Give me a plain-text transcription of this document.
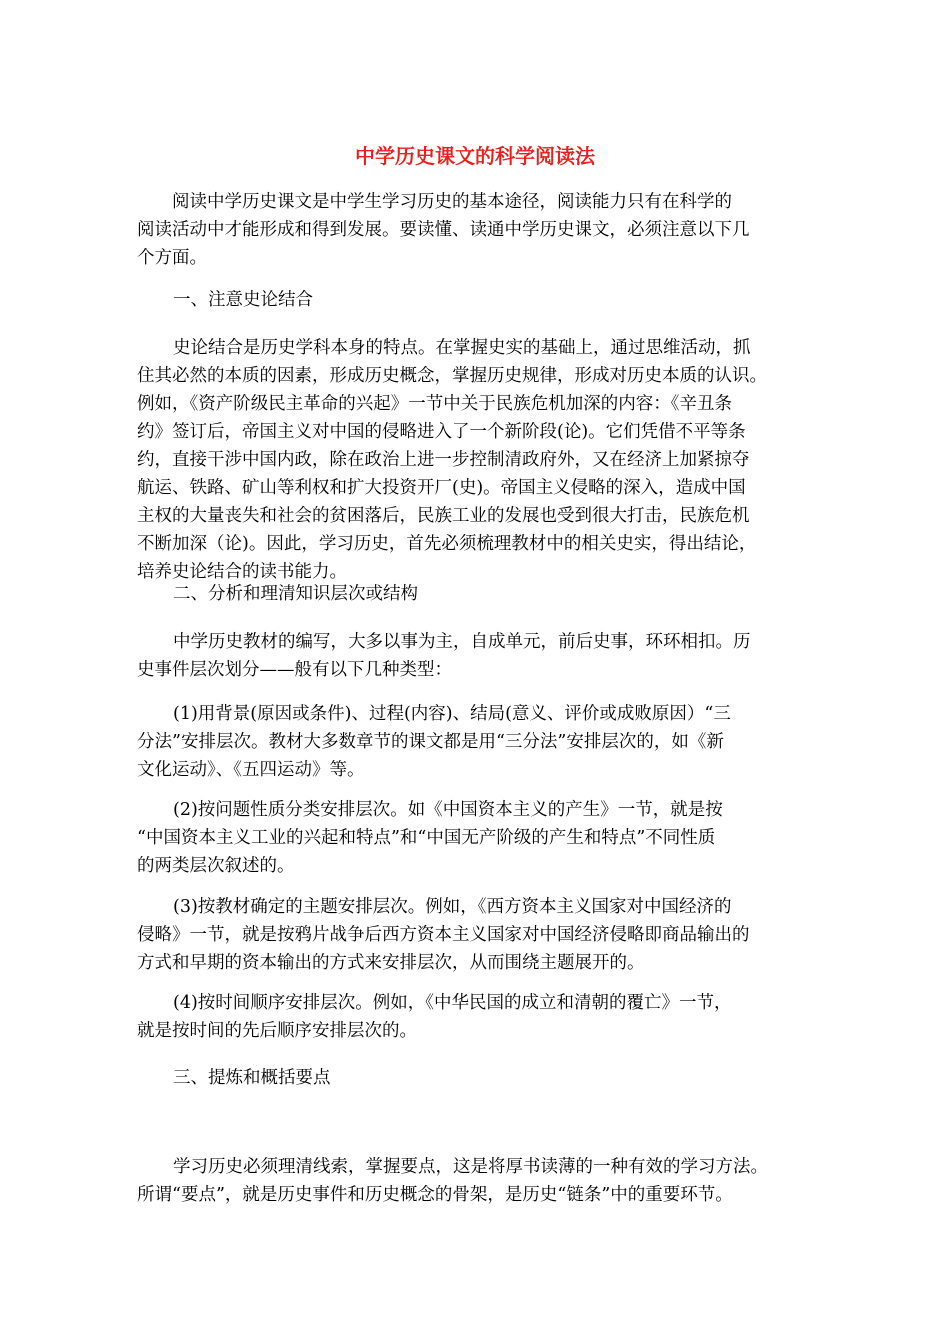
中学历史课文的科学阅读法

　　阅读中学历史课文是中学生学习历史的基本途径，阅读能力只有在科学的
阅读活动中才能形成和得到发展。要读懂、读通中学历史课文，必须注意以下几
个方面。

一、注意史论结合

史论结合是历史学科本身的特点。在掌握史实的基础上，通过思维活动，抓
住其必然的本质的因素，形成历史概念，掌握历史规律，形成对历史本质的认识。
例如，《资产阶级民主革命的兴起》一节中关于民族危机加深的内容：《辛丑条
约》签订后，帝国主义对中国的侵略进入了一个新阶段(论)。它们凭借不平等条
约，直接干涉中国内政，除在政治上进一步控制清政府外，又在经济上加紧掠夺
航运、铁路、矿山等利权和扩大投资开厂(史)。帝国主义侵略的深入，造成中国
主权的大量丧失和社会的贫困落后，民族工业的发展也受到很大打击，民族危机
不断加深（论)。因此，学习历史，首先必须梳理教材中的相关史实，得出结论，
培养史论结合的读书能力。

二、分析和理清知识层次或结构

中学历史教材的编写，大多以事为主，自成单元，前后史事，环环相扣。历
史事件层次划分——般有以下几种类型：

(1)用背景(原因或条件)、过程(内容)、结局(意义、评价或成败原因）“三
分法”安排层次。教材大多数章节的课文都是用“三分法”安排层次的，如《新
文化运动》、《五四运动》等。

(2)按问题性质分类安排层次。如《中国资本主义的产生》一节，就是按
“中国资本主义工业的兴起和特点”和“中国无产阶级的产生和特点”不同性质
的两类层次叙述的。

(3)按教材确定的主题安排层次。例如，《西方资本主义国家对中国经济的
侵略》一节，就是按鸦片战争后西方资本主义国家对中国经济侵略即商品输出的
方式和早期的资本输出的方式来安排层次，从而围绕主题展开的。

(4)按时间顺序安排层次。例如，《中华民国的成立和清朝的覆亡》一节，
就是按时间的先后顺序安排层次的。

三、提炼和概括要点

学习历史必须理清线索，掌握要点，这是将厚书读薄的一种有效的学习方法。
所谓“要点”，就是历史事件和历史概念的骨架，是历史“链条”中的重要环节。
